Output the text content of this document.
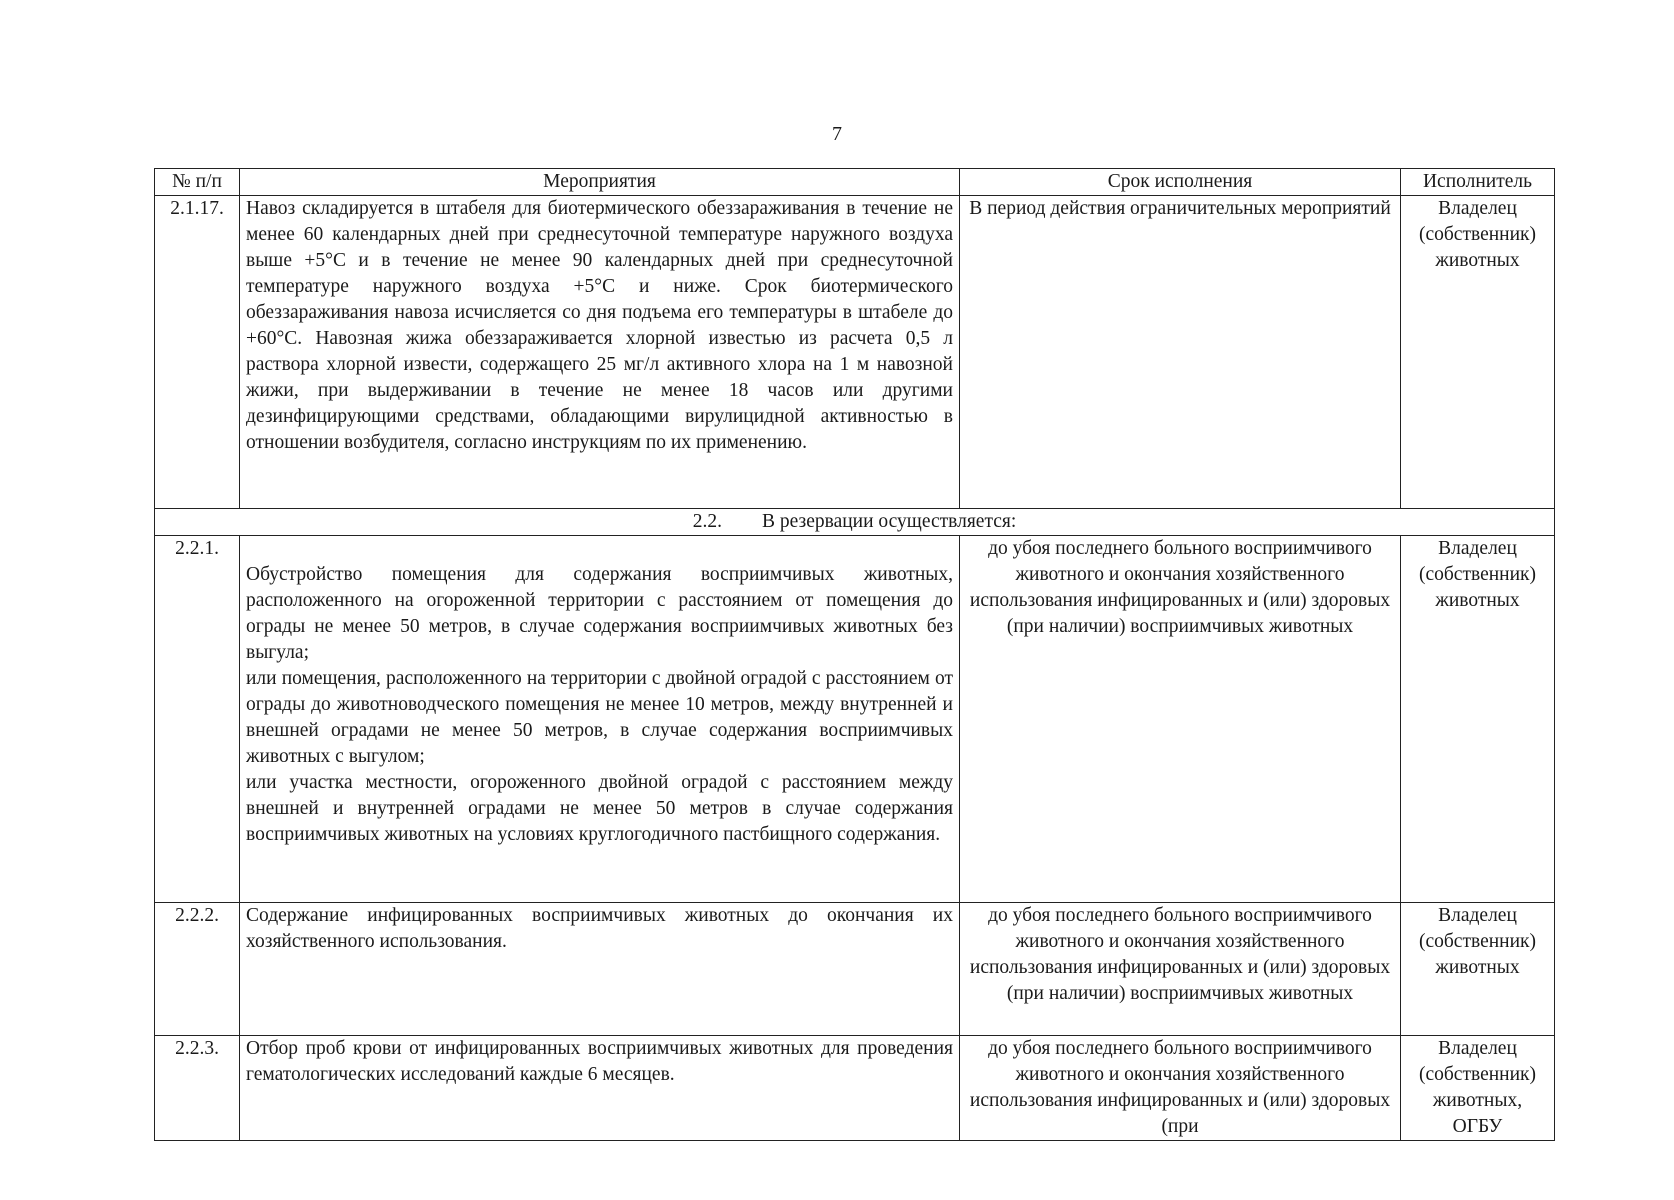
7
№ п/п	Мероприятия	Срок исполнения	Исполнитель
2.1.17.	Навоз складируется в штабеля для биотермического обеззараживания в течение не менее 60 календарных дней при среднесуточной температуре наружного воздуха выше +5°С и в течение не менее 90 календарных дней при среднесуточной температуре наружного воздуха +5°С и ниже. Срок биотермического обеззараживания навоза исчисляется со дня подъема его температуры в штабеле до +60°С. Навозная жижа обеззараживается хлорной известью из расчета 0,5 л раствора хлорной извести, содержащего 25 мг/л активного хлора на 1 м навозной жижи, при выдерживании в течение не менее 18 часов или другими дезинфицирующими средствами, обладающими вирулицидной активностью в отношении возбудителя, согласно инструкциям по их применению.	В период действия ограничительных мероприятий	Владелец (собственник) животных
2.2. В резервации осуществляется:			
2.2.1.	Обустройство помещения для содержания восприимчивых животных, расположенного на огороженной территории с расстоянием от помещения до ограды не менее 50 метров, в случае содержания восприимчивых животных без выгула;
или помещения, расположенного на территории с двойной оградой с расстоянием от ограды до животноводческого помещения не менее 10 метров, между внутренней и внешней оградами не менее 50 метров, в случае содержания восприимчивых животных с выгулом;
или участка местности, огороженного двойной оградой с расстоянием между внешней и внутренней оградами не менее 50 метров в случае содержания восприимчивых животных на условиях круглогодичного пастбищного содержания.	до убоя последнего больного восприимчивого животного и окончания хозяйственного использования инфицированных и (или) здоровых (при наличии) восприимчивых животных	Владелец (собственник) животных
2.2.2.	Содержание инфицированных восприимчивых животных до окончания их хозяйственного использования.	до убоя последнего больного восприимчивого животного и окончания хозяйственного использования инфицированных и (или) здоровых (при наличии) восприимчивых животных	Владелец (собственник) животных
2.2.3.	Отбор проб крови от инфицированных восприимчивых животных для проведения гематологических исследований каждые 6 месяцев.	до убоя последнего больного восприимчивого животного и окончания хозяйственного использования инфицированных и (или) здоровых (при	Владелец (собственник) животных, ОГБУ
